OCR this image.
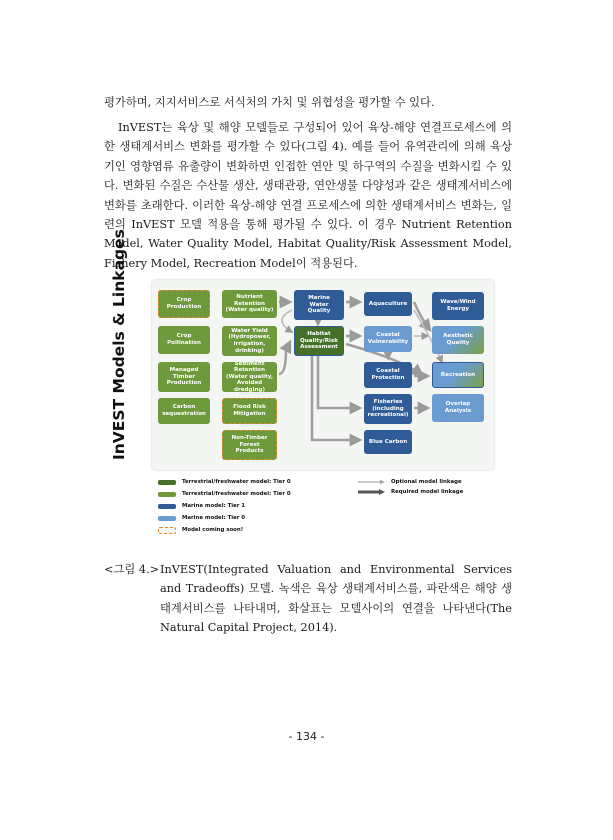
평가하며, 지지서비스로 서식처의 가치 및 위협성을 평가할 수 있다.

InVEST는 육상 및 해양 모델들로 구성되어 있어 육상-해양 연결프로세스에 의한 생태계서비스 변화를 평가할 수 있다(그림 4). 예를 들어 유역관리에 의해 육상기인 영향염류 유출량이 변화하면 인접한 연안 및 하구역의 수질을 변화시킬 수 있다. 변화된 수질은 수산물 생산, 생태관광, 연안생물 다양성과 같은 생태계서비스에 변화를 초래한다. 이러한 육상-해양 연결 프로세스에 의한 생태계서비스 변화는, 일련의 InVEST 모델 적용을 통해 평가될 수 있다. 이 경우 Nutrient Retention Model, Water Quality Model, Habitat Quality/Risk Assessment Model, Fishery Model, Recreation Model이 적용된다.

InVEST Models & Linkages	Crop
Production
Crop
Pollination
Managed
Timber
Production
Carbon
sequestration
Nutrient
Retention
(Water quality)
Water Yield
(Hydropower,
irrigation,
drinking)
Sediment
Retention
(Water quality,
Avoided dredging)
Flood Risk
Mitigation
Non-Timber
Forest
Products
Marine
Water
Quality
Habitat
Quality/Risk
Assessment
Aquaculture
Coastal
Vulnerability
Coastal
Protection
Fisheries
(including
recreational)
Blue Carbon
Wave/Wind
Energy
Aesthetic
Quality
Recreation
Overlap
Analysis
Terrestrial/freshwater model: Tier 0
Terrestrial/freshwater model: Tier 0
Marine model: Tier 1
Marine model: Tier 0
Model coming soon!
Optional model linkage
Required model linkage
<그림 4.> InVEST(Integrated Valuation and Environmental Services and Tradeoffs) 모델. 녹색은 육상 생태계서비스를, 파란색은 해양 생태계서비스를 나타내며, 화살표는 모델사이의 연결을 나타낸다(The Natural Capital Project, 2014).
- 134 -
